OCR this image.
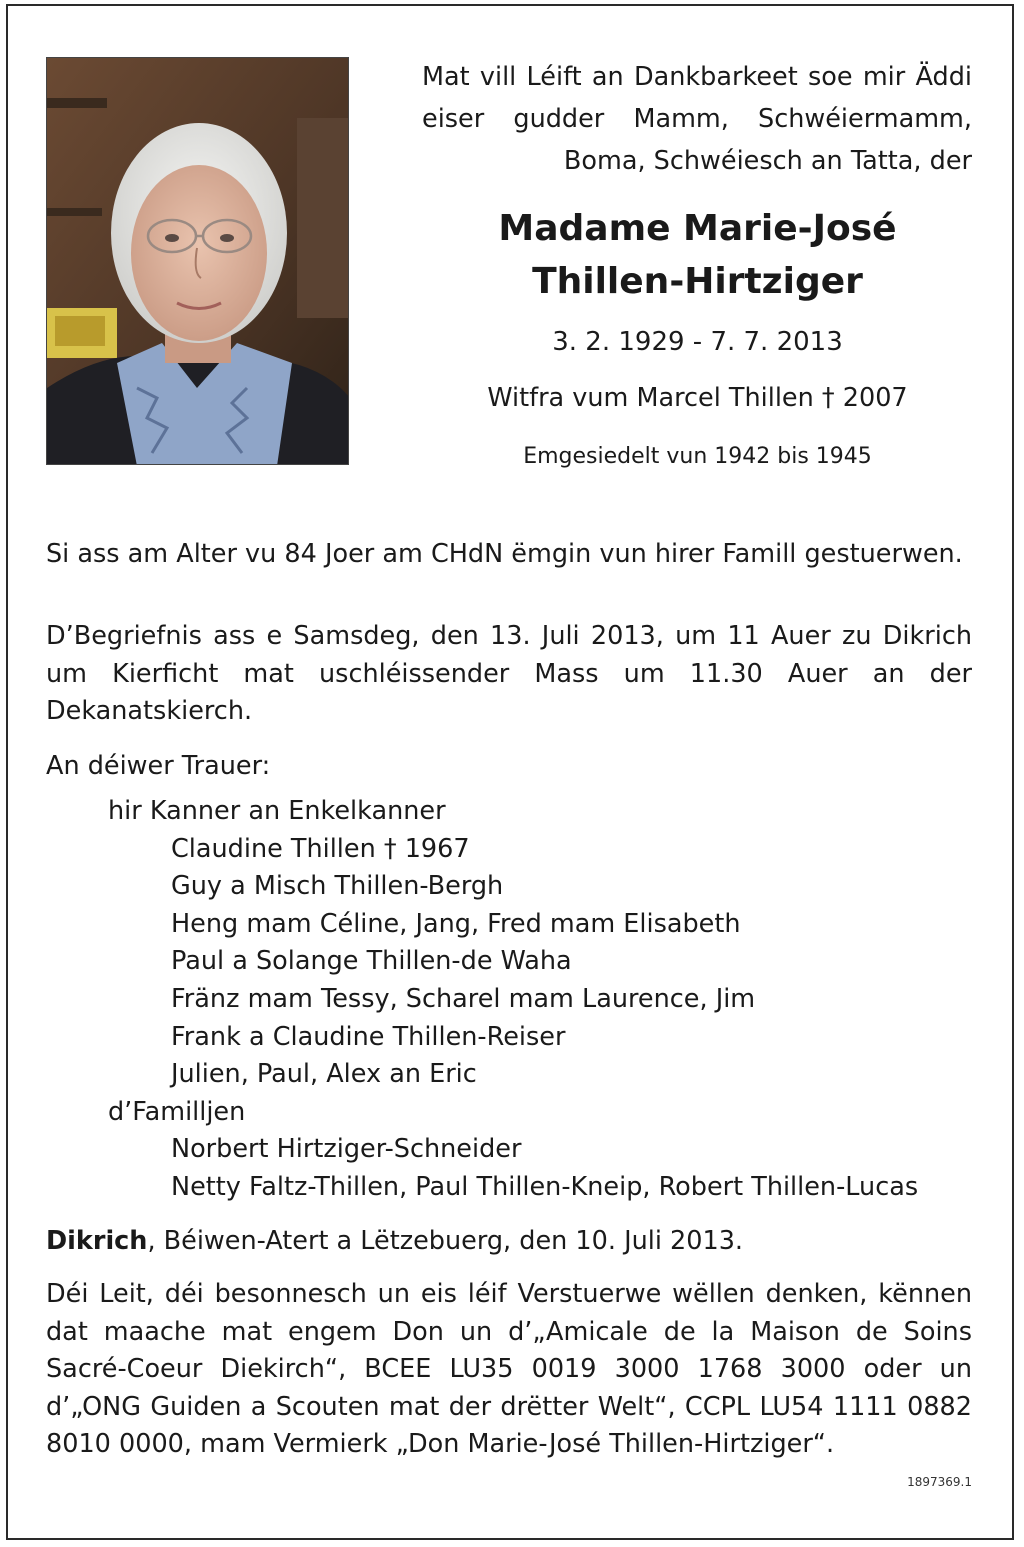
Mat vill Léift an Dankbarkeet soe mir Äddi eiser gudder Mamm, Schwéiermamm, Boma, Schwéiesch an Tatta, der

Madame Marie-José
Thillen-Hirtziger

3. 2. 1929 - 7. 7. 2013

Witfra vum Marcel Thillen † 2007

Emgesiedelt vun 1942 bis 1945

Si ass am Alter vu 84 Joer am CHdN ëmgin vun hirer Famill gestuerwen.

D’Begriefnis ass e Samsdeg, den 13. Juli 2013, um 11 Auer zu Dikrich um Kierficht mat uschléissender Mass um 11.30 Auer an der Dekanatskierch.

An déiwer Trauer:

hir Kanner an Enkelkanner
Claudine Thillen † 1967
Guy a Misch Thillen-Bergh
Heng mam Céline, Jang, Fred mam Elisabeth
Paul a Solange Thillen-de Waha
Fränz mam Tessy, Scharel mam Laurence, Jim
Frank a Claudine Thillen-Reiser
Julien, Paul, Alex an Eric
d’Familljen
Norbert Hirtziger-Schneider
Netty Faltz-Thillen, Paul Thillen-Kneip, Robert Thillen-Lucas

Dikrich, Béiwen-Atert a Lëtzebuerg, den 10. Juli 2013.

Déi Leit, déi besonnesch un eis léif Verstuerwe wëllen denken, kënnen dat maache mat engem Don un d’„Amicale de la Maison de Soins Sacré-Coeur Diekirch“, BCEE LU35 0019 3000 1768 3000 oder un d’„ONG Guiden a Scouten mat der drëtter Welt“, CCPL LU54 1111 0882 8010 0000, mam Vermierk „Don Marie-José Thillen-Hirtziger“.

1897369.1
